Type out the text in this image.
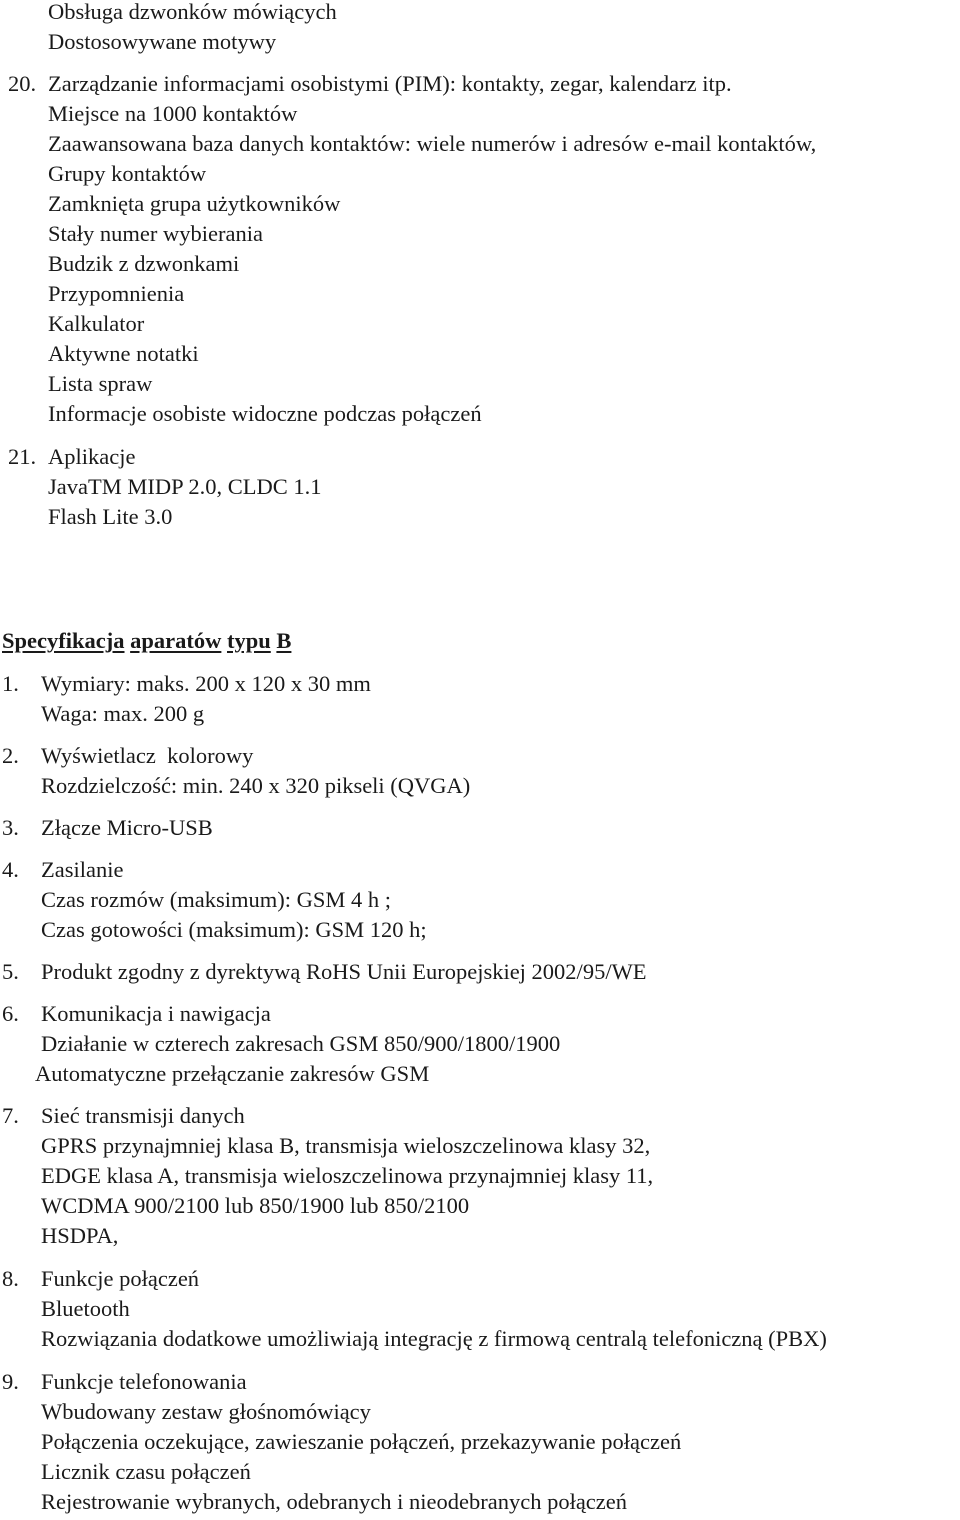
Obsługa dzwonków mówiących
Dostosowywane motywy
20. Zarządzanie informacjami osobistymi (PIM): kontakty, zegar, kalendarz itp.
Miejsce na 1000 kontaktów
Zaawansowana baza danych kontaktów: wiele numerów i adresów e-mail kontaktów,
Grupy kontaktów
Zamknięta grupa użytkowników
Stały numer wybierania
Budzik z dzwonkami
Przypomnienia
Kalkulator
Aktywne notatki
Lista spraw
Informacje osobiste widoczne podczas połączeń
21. Aplikacje
JavaTM MIDP 2.0, CLDC 1.1
Flash Lite 3.0
Specyfikacja aparatów typu B
1. Wymiary: maks. 200 x 120 x 30 mm
Waga: max. 200 g
2. Wyświetlacz  kolorowy
Rozdzielczość: min. 240 x 320 pikseli (QVGA)
3. Złącze Micro-USB
4. Zasilanie
Czas rozmów (maksimum): GSM 4 h ;
Czas gotowości (maksimum): GSM 120 h;
5. Produkt zgodny z dyrektywą RoHS Unii Europejskiej 2002/95/WE
6. Komunikacja i nawigacja
Działanie w czterech zakresach GSM 850/900/1800/1900
Automatyczne przełączanie zakresów GSM
7. Sieć transmisji danych
GPRS przynajmniej klasa B, transmisja wieloszczelinowa klasy 32,
EDGE klasa A, transmisja wieloszczelinowa przynajmniej klasy 11,
WCDMA 900/2100 lub 850/1900 lub 850/2100
HSDPA,
8. Funkcje połączeń
Bluetooth
Rozwiązania dodatkowe umożliwiają integrację z firmową centralą telefoniczną (PBX)
9. Funkcje telefonowania
Wbudowany zestaw głośnomówiący
Połączenia oczekujące, zawieszanie połączeń, przekazywanie połączeń
Licznik czasu połączeń
Rejestrowanie wybranych, odebranych i nieodebranych połączeń
